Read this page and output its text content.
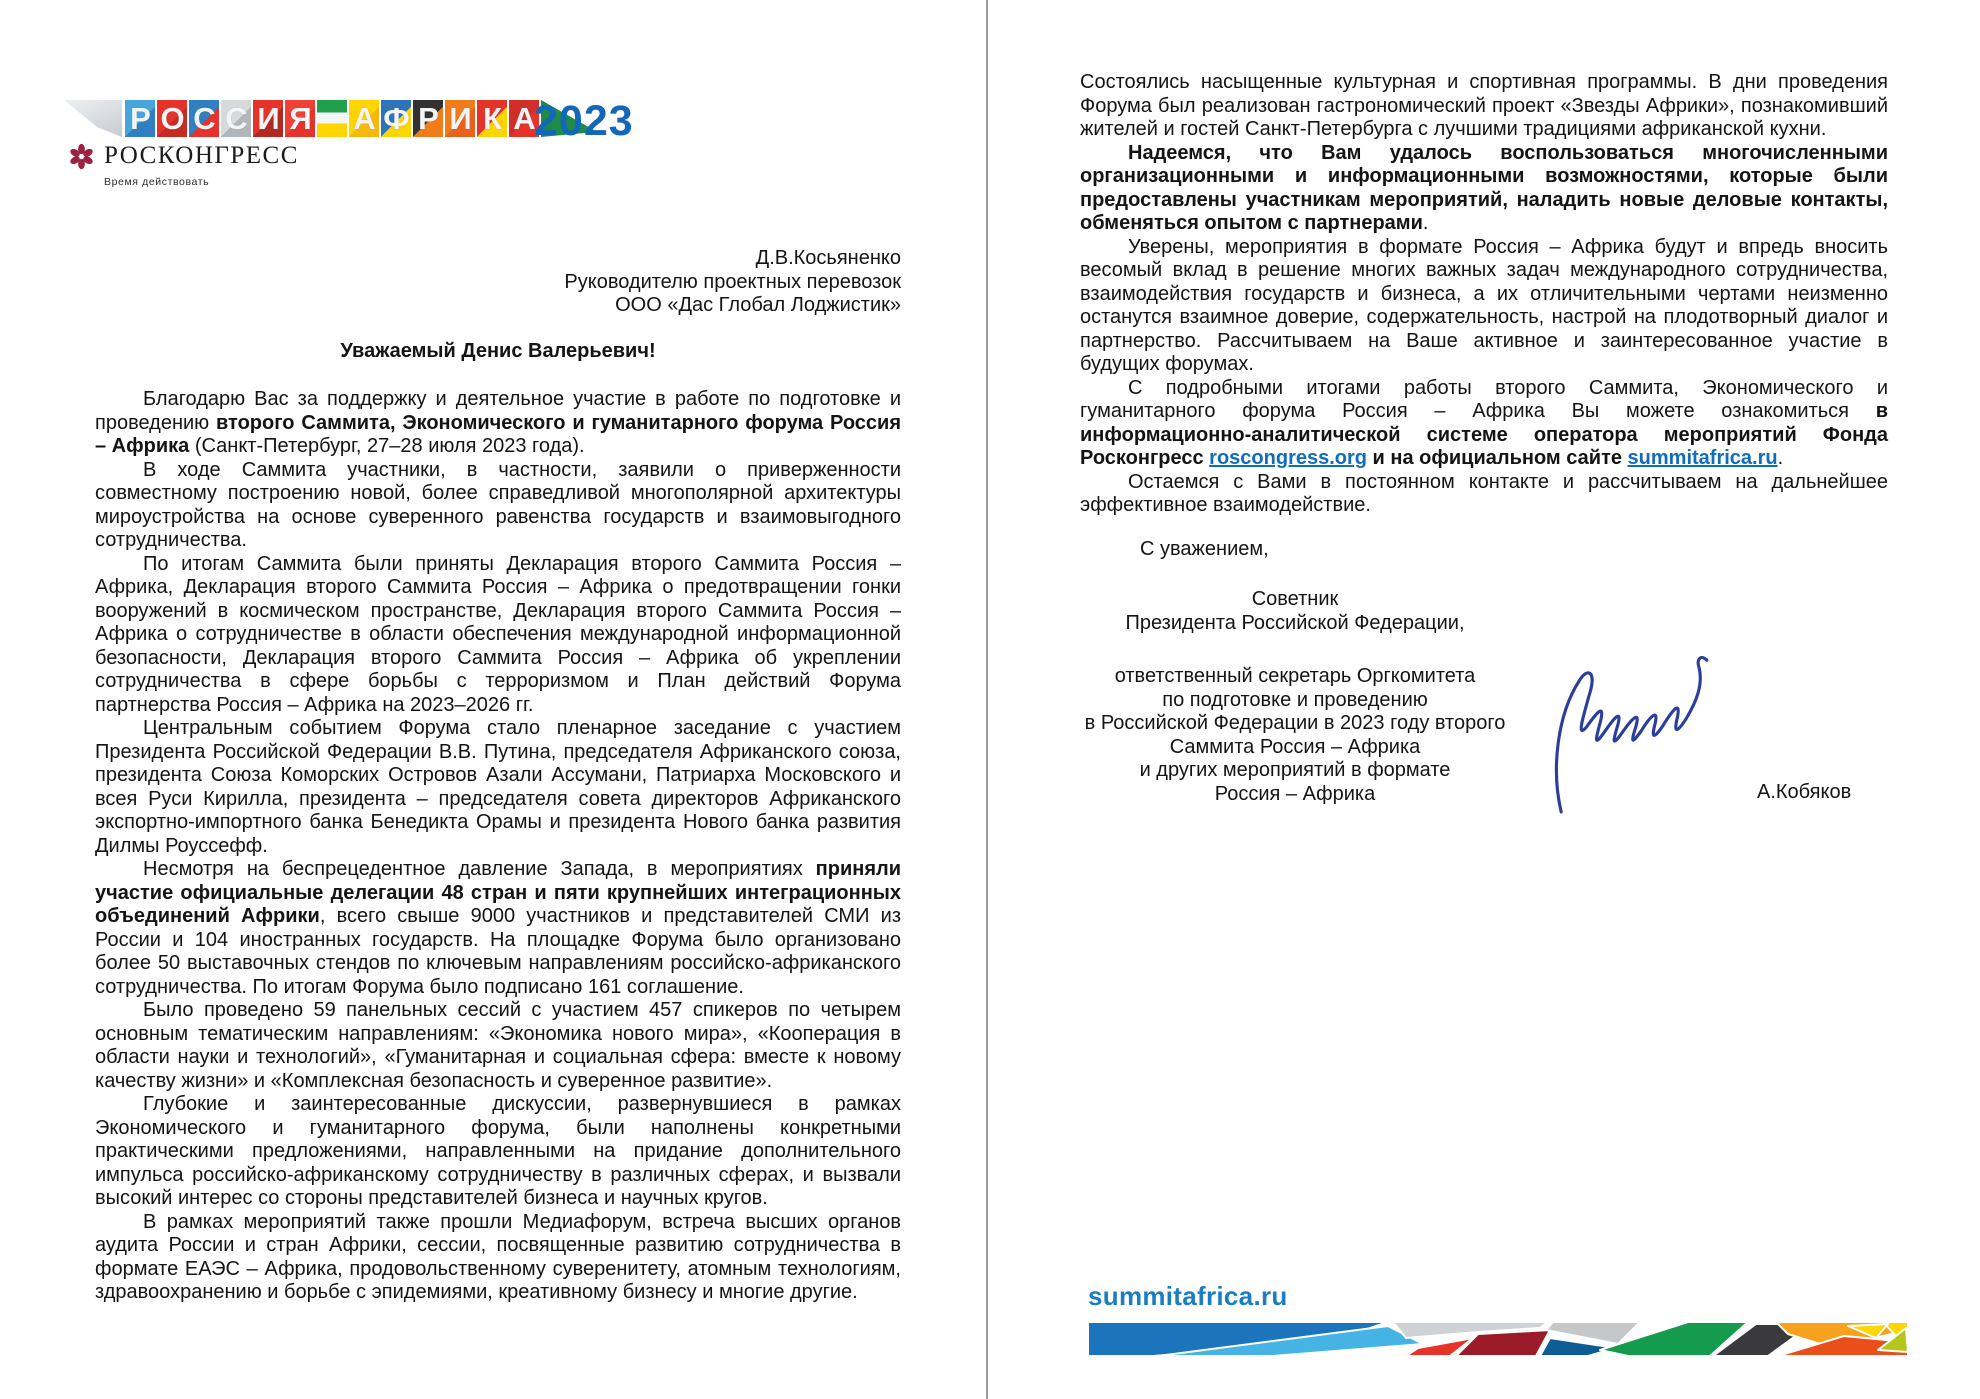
Р О С С И Я А Ф Р И К А 2023
РОСКОНГРЕСС
Время действовать
Д.В.Косьяненко
Руководителю проектных перевозок
ООО «Дас Глобал Лоджистик»
Уважаемый Денис Валерьевич!

Благодарю Вас за поддержку и деятельное участие в работе по подготовке и проведению второго Саммита, Экономического и гуманитарного форума Россия – Африка (Санкт-Петербург, 27–28 июля 2023 года).

В ходе Саммита участники, в частности, заявили о приверженности совместному построению новой, более справедливой многополярной архитектуры мироустройства на основе суверенного равенства государств и взаимовыгодного сотрудничества.

По итогам Саммита были приняты Декларация второго Саммита Россия – Африка, Декларация второго Саммита Россия – Африка о предотвращении гонки вооружений в космическом пространстве, Декларация второго Саммита Россия – Африка о сотрудничестве в области обеспечения международной информационной безопасности, Декларация второго Саммита Россия – Африка об укреплении сотрудничества в сфере борьбы с терроризмом и План действий Форума партнерства Россия – Африка на 2023–2026 гг.

Центральным событием Форума стало пленарное заседание с участием Президента Российской Федерации В.В. Путина, председателя Африканского союза, президента Союза Коморских Островов Азали Ассумани, Патриарха Московского и всея Руси Кирилла, президента – председателя совета директоров Африканского экспортно-импортного банка Бенедикта Орамы и президента Нового банка развития Дилмы Роуссефф.

Несмотря на беспрецедентное давление Запада, в мероприятиях приняли участие официальные делегации 48 стран и пяти крупнейших интеграционных объединений Африки, всего свыше 9000 участников и представителей СМИ из России и 104 иностранных государств. На площадке Форума было организовано более 50 выставочных стендов по ключевым направлениям российско-африканского сотрудничества. По итогам Форума было подписано 161 соглашение.

Было проведено 59 панельных сессий с участием 457 спикеров по четырем основным тематическим направлениям: «Экономика нового мира», «Кооперация в области науки и технологий», «Гуманитарная и социальная сфера: вместе к новому качеству жизни» и «Комплексная безопасность и суверенное развитие».

Глубокие и заинтересованные дискуссии, развернувшиеся в рамках Экономического и гуманитарного форума, были наполнены конкретными практическими предложениями, направленными на придание дополнительного импульса российско-африканскому сотрудничеству в различных сферах, и вызвали высокий интерес со стороны представителей бизнеса и научных кругов.

В рамках мероприятий также прошли Медиафорум, встреча высших органов аудита России и стран Африки, сессии, посвященные развитию сотрудничества в формате ЕАЭС – Африка, продовольственному суверенитету, атомным технологиям, здравоохранению и борьбе с эпидемиями, креативному бизнесу и многие другие.

Состоялись насыщенные культурная и спортивная программы. В дни проведения Форума был реализован гастрономический проект «Звезды Африки», познакомивший жителей и гостей Санкт-Петербурга с лучшими традициями африканской кухни.

Надеемся, что Вам удалось воспользоваться многочисленными организационными и информационными возможностями, которые были предоставлены участникам мероприятий, наладить новые деловые контакты, обменяться опытом с партнерами.

Уверены, мероприятия в формате Россия – Африка будут и впредь вносить весомый вклад в решение многих важных задач международного сотрудничества, взаимодействия государств и бизнеса, а их отличительными чертами неизменно останутся взаимное доверие, содержательность, настрой на плодотворный диалог и партнерство. Рассчитываем на Ваше активное и заинтересованное участие в будущих форумах.

С подробными итогами работы второго Саммита, Экономического и гуманитарного форума Россия – Африка Вы можете ознакомиться в информационно-аналитической системе оператора мероприятий Фонда Росконгресс roscongress.org и на официальном сайте summitafrica.ru.

Остаемся с Вами в постоянном контакте и рассчитываем на дальнейшее эффективное взаимодействие.

С уважением,

Советник
Президента Российской Федерации,
ответственный секретарь Оргкомитета
по подготовке и проведению
в Российской Федерации в 2023 году второго
Саммита Россия – Африка
и других мероприятий в формате
Россия – Африка	А.Кобяков
summitafrica.ru
